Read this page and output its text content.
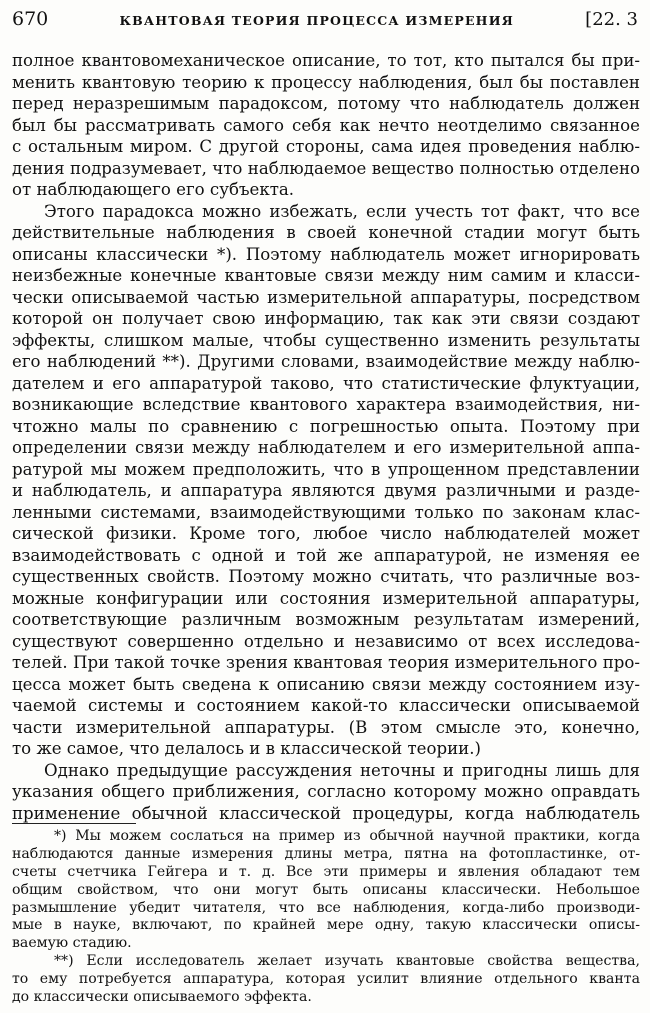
670	КВАНТОВАЯ ТЕОРИЯ ПРОЦЕССА ИЗМЕРЕНИЯ	[22. 3
полное квантовомеханическое описание, то тот, кто пытался бы при-
менить квантовую теорию к процессу наблюдения, был бы поставлен
перед неразрешимым парадоксом, потому что наблюдатель должен
был бы рассматривать самого себя как нечто неотделимо связанное
с остальным миром. С другой стороны, сама идея проведения наблю-
дения подразумевает, что наблюдаемое вещество полностью отделено
от наблюдающего его субъекта.
Этого парадокса можно избежать, если учесть тот факт, что все
действительные наблюдения в своей конечной стадии могут быть
описаны классически *). Поэтому наблюдатель может игнорировать
неизбежные конечные квантовые связи между ним самим и класси-
чески описываемой частью измерительной аппаратуры, посредством
которой он получает свою информацию, так как эти связи создают
эффекты, слишком малые, чтобы существенно изменить результаты
его наблюдений **). Другими словами, взаимодействие между наблю-
дателем и его аппаратурой таково, что статистические флуктуации,
возникающие вследствие квантового характера взаимодействия, ни-
чтожно малы по сравнению с погрешностью опыта. Поэтому при
определении связи между наблюдателем и его измерительной аппа-
ратурой мы можем предположить, что в упрощенном представлении
и наблюдатель, и аппаратура являются двумя различными и разде-
ленными системами, взаимодействующими только по законам клас-
сической физики. Кроме того, любое число наблюдателей может
взаимодействовать с одной и той же аппаратурой, не изменяя ее
существенных свойств. Поэтому можно считать, что различные воз-
можные конфигурации или состояния измерительной аппаратуры,
соответствующие различным возможным результатам измерений,
существуют совершенно отдельно и независимо от всех исследова-
телей. При такой точке зрения квантовая теория измерительного про-
цесса может быть сведена к описанию связи между состоянием изу-
чаемой системы и состоянием какой-то классически описываемой
части измерительной аппаратуры. (В этом смысле это, конечно,
то же самое, что делалось и в классической теории.)
Однако предыдущие рассуждения неточны и пригодны лишь для
указания общего приближения, согласно которому можно оправдать
применение обычной классической процедуры, когда наблюдатель
*) Мы можем сослаться на пример из обычной научной практики, когда
наблюдаются данные измерения длины метра, пятна на фотопластинке, от-
счеты счетчика Гейгера и т. д. Все эти примеры и явления обладают тем
общим свойством, что они могут быть описаны классически. Небольшое
размышление убедит читателя, что все наблюдения, когда-либо производи-
мые в науке, включают, по крайней мере одну, такую классически описы-
ваемую стадию.
**) Если исследователь желает изучать квантовые свойства вещества,
то ему потребуется аппаратура, которая усилит влияние отдельного кванта
до классически описываемого эффекта.
